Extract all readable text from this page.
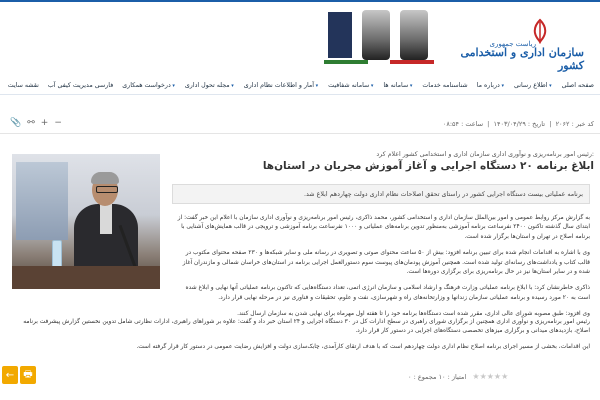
ریاست جمهوری
سازمان اداری و استخدامی کشور
صفحه اصلی
اطلاع رسانی ▾
درباره ما ▾
شناسنامه خدمات
سامانه ها ▾
سامانه شفافیت ▾
آمار و اطلاعات نظام اداری ▾
مجله تحول اداری ▾
درخواست همکاری ▾
فارسی مدیریت کیفی آب
نقشه سایت
کد خبر : ۲۰۶۲  |  تاریخ : ۱۴۰۳/۰۴/۲۹  |  ساعت : ۰۸:۵۴
📎 ⚯ + −
رئیس امور برنامه‌ریزی و نوآوری اداری سازمان اداری و استخدامی کشور اعلام کرد:
ابلاغ برنامه ۲۰ دستگاه اجرایی و آغاز آموزش مجریان در استان‌ها
برنامه عملیاتی بیست دستگاه اجرایی کشور در راستای تحقق اصلاحات نظام اداری دولت چهاردهم ابلاغ شد.

به گزارش مرکز روابط عمومی و امور بین‌الملل سازمان اداری و استخدامی کشور، محمد ذاکری، رئیس امور برنامه‌ریزی و نوآوری اداری سازمان با اعلام این خبر گفت: از ابتدای سال گذشته تاکنون ۲۴۰۰ نفرساعت برنامه آموزشی به‌منظور تدوین برنامه‌های عملیاتی و ۱۰۰۰ نفرساعت برنامه آموزشی و ترویجی در قالب همایش‌های آشنایی با برنامه اصلاح در تهران و استان‌ها برگزار شده است.

وی با اشاره به اقدامات انجام شده برای تبیین برنامه افزود: بیش از ۵۰ ساعت محتوای صوتی و تصویری در رسانه ملی و سایر شبکه‌ها و ۲۳۰ صفحه محتوای مکتوب در قالب کتاب و یادداشت‌های رسانه‌ای تولید شده است. همچنین آموزش پودمان‌های پیوست سوم دستورالعمل اجرایی برنامه در استان‌های خراسان شمالی و مازندران آغاز شده و در سایر استان‌ها نیز در حال برنامه‌ریزی برای برگزاری دوره‌ها است.

ذاکری خاطرنشان کرد: با ابلاغ برنامه عملیاتی وزارت فرهنگ و ارشاد اسلامی و سازمان انرژی اتمی، تعداد دستگاه‌هایی که تاکنون برنامه عملیاتی آنها نهایی و ابلاغ شده است به ۲۰ مورد رسیده و برنامه عملیاتی سازمان زندانها و وزارتخانه‌های راه و شهرسازی، نفت و علوم، تحقیقات و فناوری نیز در مرحله نهایی قرار دارد.

وی افزود: طبق مصوبه شورای عالی اداری، مقرر شده است دستگاه‌ها برنامه خود را تا هفته اول مهرماه برای نهایی شدن به سازمان ارسال کنند.

رئیس امور برنامه‌ریزی و نوآوری اداری همچنین از برگزاری شورای راهبری در سطح ادارات کل در ۳۰ دستگاه اجرایی و ۲۴ استان خبر داد و گفت: علاوه بر شوراهای راهبری، ادارات نظارتی شامل تدوین نخستین گزارش پیشرفت برنامه اصلاح، بازدیدهای میدانی و برگزاری میزهای تخصصی دستگاه‌های اجرایی در دستور کار قرار دارد.

این اقدامات، بخشی از مسیر اجرای برنامه اصلاح نظام اداری دولت چهاردهم است که با هدف ارتقای کارآمدی، چابک‌سازی دولت و افزایش رضایت عمومی در دستور کار قرار گرفته است.

امتیاز : ۱۰ مجموع : ۰ ★★★★★
← 🖶
